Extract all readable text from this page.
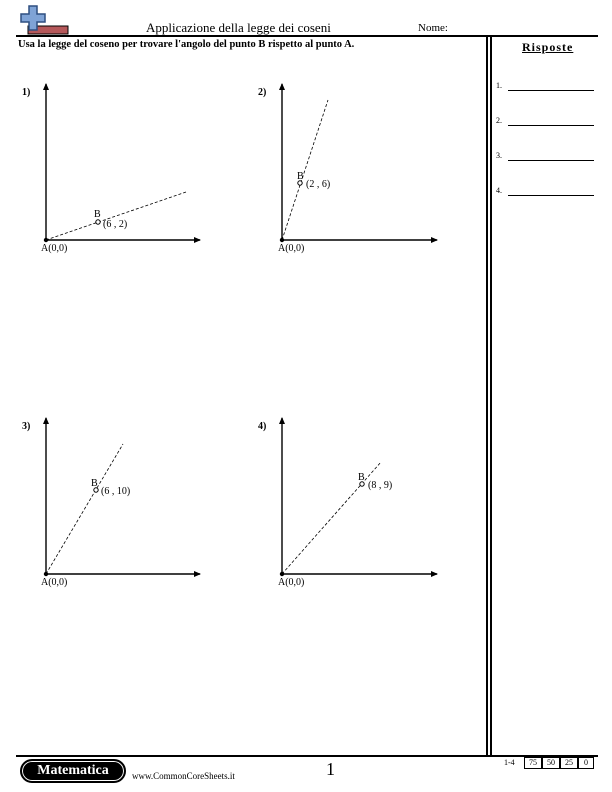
Applicazione della legge dei coseni	Nome:
Usa la legge del coseno per trovare l'angolo del punto B rispetto al punto A.
1)
A(0,0)
B
(6 , 2)
2)
A(0,0)
B
(2 , 6)
3)
A(0,0)
B
(6 , 10)
4)
A(0,0)
B
(8 , 9)
Risposte
1.
2.
3.
4.
Matematica	www.CommonCoreSheets.it	1	1-4	75	50	25	0
